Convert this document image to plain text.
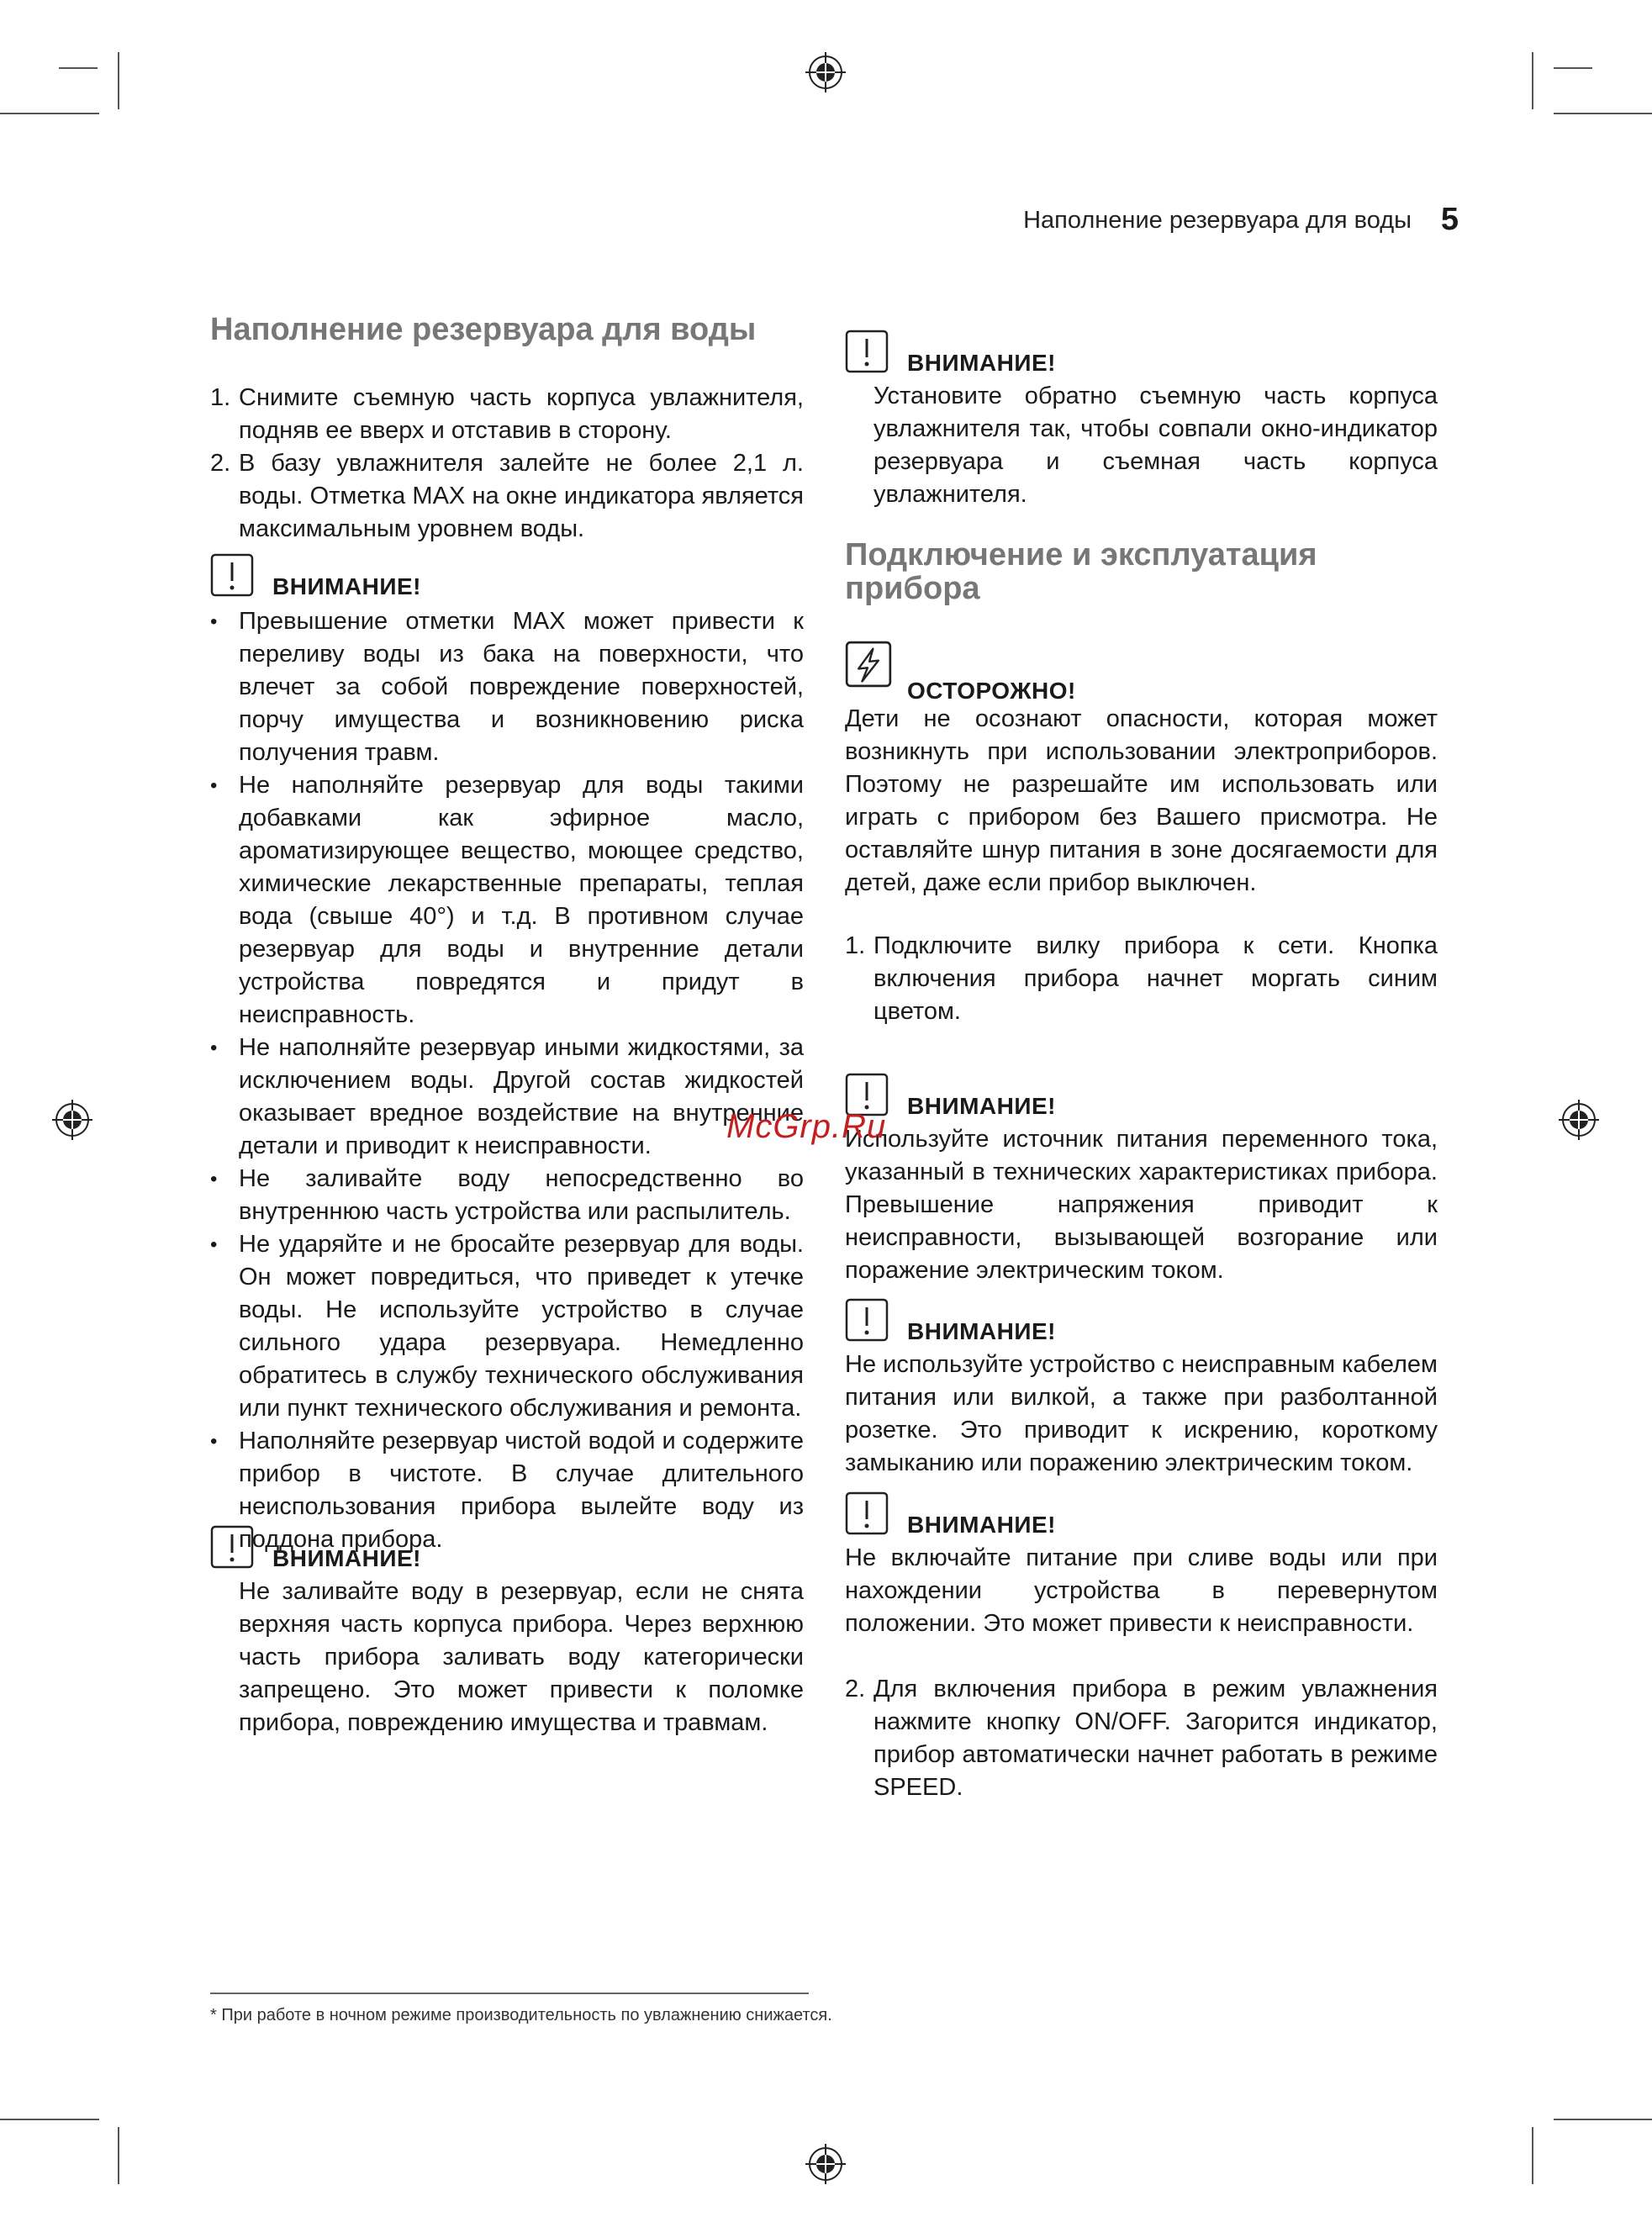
Наполнение резервуара для воды 5
Наполнение резервуара для воды
1. Снимите съемную часть корпуса увлажнителя, подняв ее вверх и отставив в сторону.
2. В базу увлажнителя залейте не более 2,1 л. воды. Отметка MAX на окне индикатора является максимальным уровнем воды.
ВНИМАНИЕ!
• Превышение отметки MAX может привести к переливу воды из бака на поверхности, что влечет за собой повреждение поверхностей, порчу имущества и возникновению риска получения травм.
• Не наполняйте резервуар для воды такими добавками как эфирное масло, ароматизирующее вещество, моющее средство, химические лекарственные препараты, теплая вода (свыше 40°) и т.д. В противном случае резервуар для воды и внутренние детали устройства повредятся и придут в неисправность.
• Не наполняйте резервуар иными жидкостями, за исключением воды. Другой состав жидкостей оказывает вредное воздействие на внутренние детали и приводит к неисправности.
• Не заливайте воду непосредственно во внутреннюю часть устройства или распылитель.
• Не ударяйте и не бросайте резервуар для воды. Он может повредиться, что приведет к утечке воды. Не используйте устройство в случае сильного удара резервуара. Немедленно обратитесь в службу технического обслуживания или пункт технического обслуживания и ремонта.
• Наполняйте резервуар чистой водой и содержите прибор в чистоте. В случае длительного неиспользования прибора вылейте воду из поддона прибора.
ВНИМАНИЕ!

Не заливайте воду в резервуар, если не снята верхняя часть корпуса прибора. Через верхнюю часть прибора заливать воду категорически запрещено. Это может привести к поломке прибора, повреждению имущества и травмам.

ВНИМАНИЕ!

Установите обратно съемную часть корпуса увлажнителя так, чтобы совпали окно-индикатор резервуара и съемная часть корпуса увлажнителя.

Подключение и эксплуатация прибора
ОСТОРОЖНО!

Дети не осознают опасности, которая может возникнуть при использовании электроприборов. Поэтому не разрешайте им использовать или играть с прибором без Вашего присмотра. Не оставляйте шнур питания в зоне досягаемости для детей, даже если прибор выключен.

1. Подключите вилку прибора к сети. Кнопка включения прибора начнет моргать синим цветом.
ВНИМАНИЕ!

Используйте источник питания переменного тока, указанный в технических характеристиках прибора. Превышение напряжения приводит к неисправности, вызывающей возгорание или поражение электрическим током.

ВНИМАНИЕ!

Не используйте устройство с неисправным кабелем питания или вилкой, а также при разболтанной розетке. Это приводит к искрению, короткому замыканию или поражению электрическим током.

ВНИМАНИЕ!

Не включайте питание при сливе воды или при нахождении устройства в перевернутом положении. Это может привести к неисправности.

2. Для включения прибора в режим увлажнения нажмите кнопку ON/OFF. Загорится индикатор, прибор автоматически начнет работать в режиме SPEED.
McGrp.Ru
* При работе в ночном режиме производительность по увлажнению снижается.
